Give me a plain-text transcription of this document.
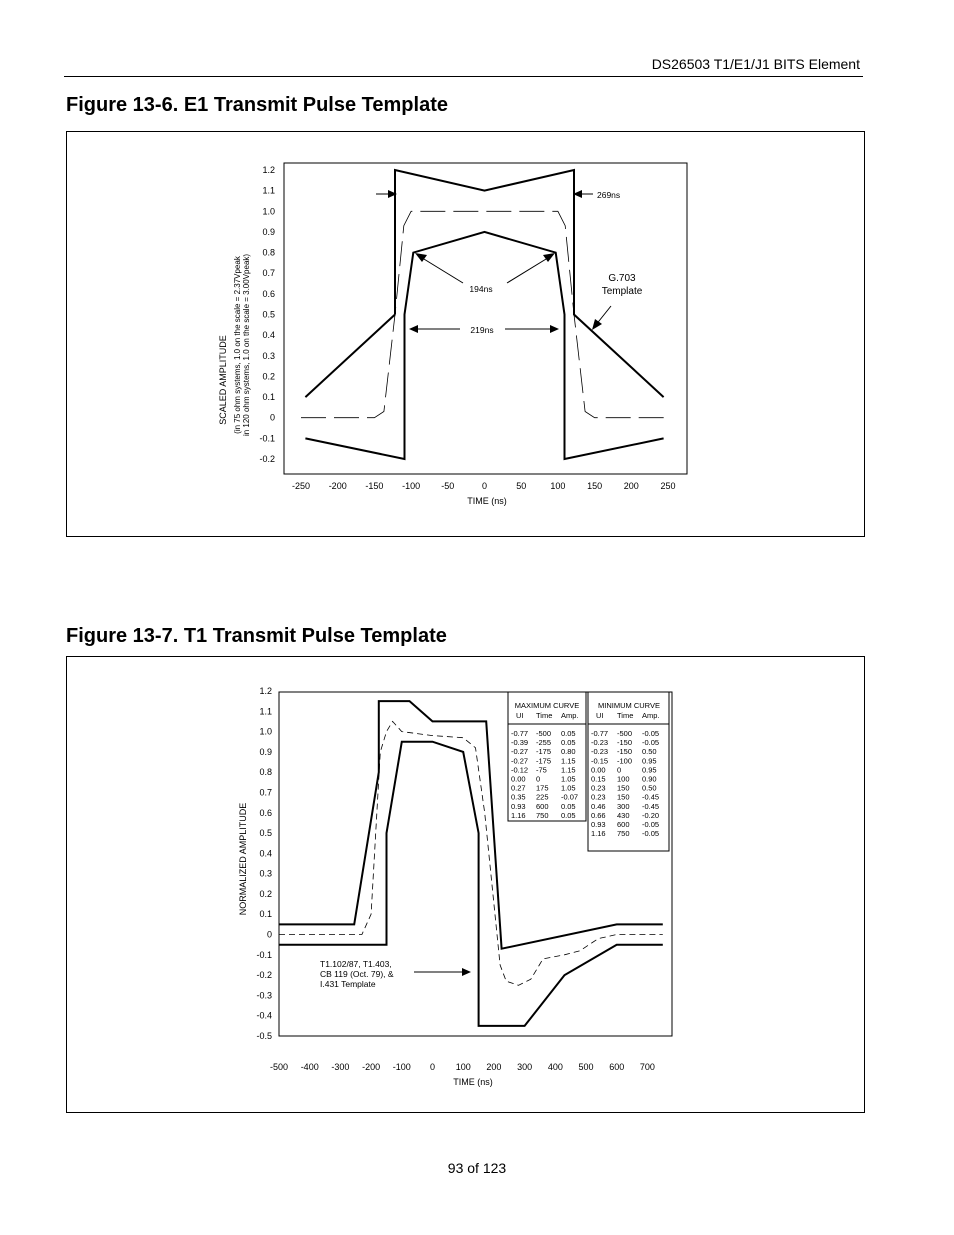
DS26503 T1/E1/J1 BITS Element
Figure 13-6. E1 Transmit Pulse Template
1.2
1.1
1.0
0.9
0.8
0.7
0.6
0.5
0.4
0.3
0.2
0.1
0
-0.1
-0.2
-250 -200 -150 -100 -50	0	50	100 150 200 250
TIME (ns)
SCALED AMPLITUDE (in 75 ohm systems, 1.0 on the scale = 2.37Vpeak in 120 ohm systems, 1.0 on the scale = 3.00Vpeak)
269ns
194ns
219ns
G.703
Template
Figure 13-7. T1 Transmit Pulse Template
1.2
1.1
1.0
0.9
0.8
0.7
0.6
0.5
0.4
0.3
0.2
0.1
0
-0.1
-0.2
-0.3
-0.4
-0.5
-500 -400 -300 -200 -100 0 100 200 300 400 500 600 700
TIME (ns)
NORMALIZED AMPLITUDE
T1.102/87, T1.403,
CB 119 (Oct. 79), &
I.431 Template
MAXIMUM CURVE
UI Time Amp.
-0.77 -500 0.05
-0.39 -255 0.05
-0.27 -175 0.80
-0.27 -175 1.15
-0.12 -75 1.15
0.00 0	1.05
0.27 175 1.05
0.35 225 -0.07
0.93 600 0.05
1.16 750 0.05
MINIMUM CURVE
UI Time Amp.
-0.77 -500 -0.05
-0.23 -150 -0.05
-0.23 -150 0.50
-0.15 -100 0.95
0.00 0	0.95
0.15 100 0.90
0.23 150 0.50
0.23 150 -0.45
0.46 300 -0.45
0.66 430 -0.20
0.93 600 -0.05
1.16 750 -0.05
93 of 123
